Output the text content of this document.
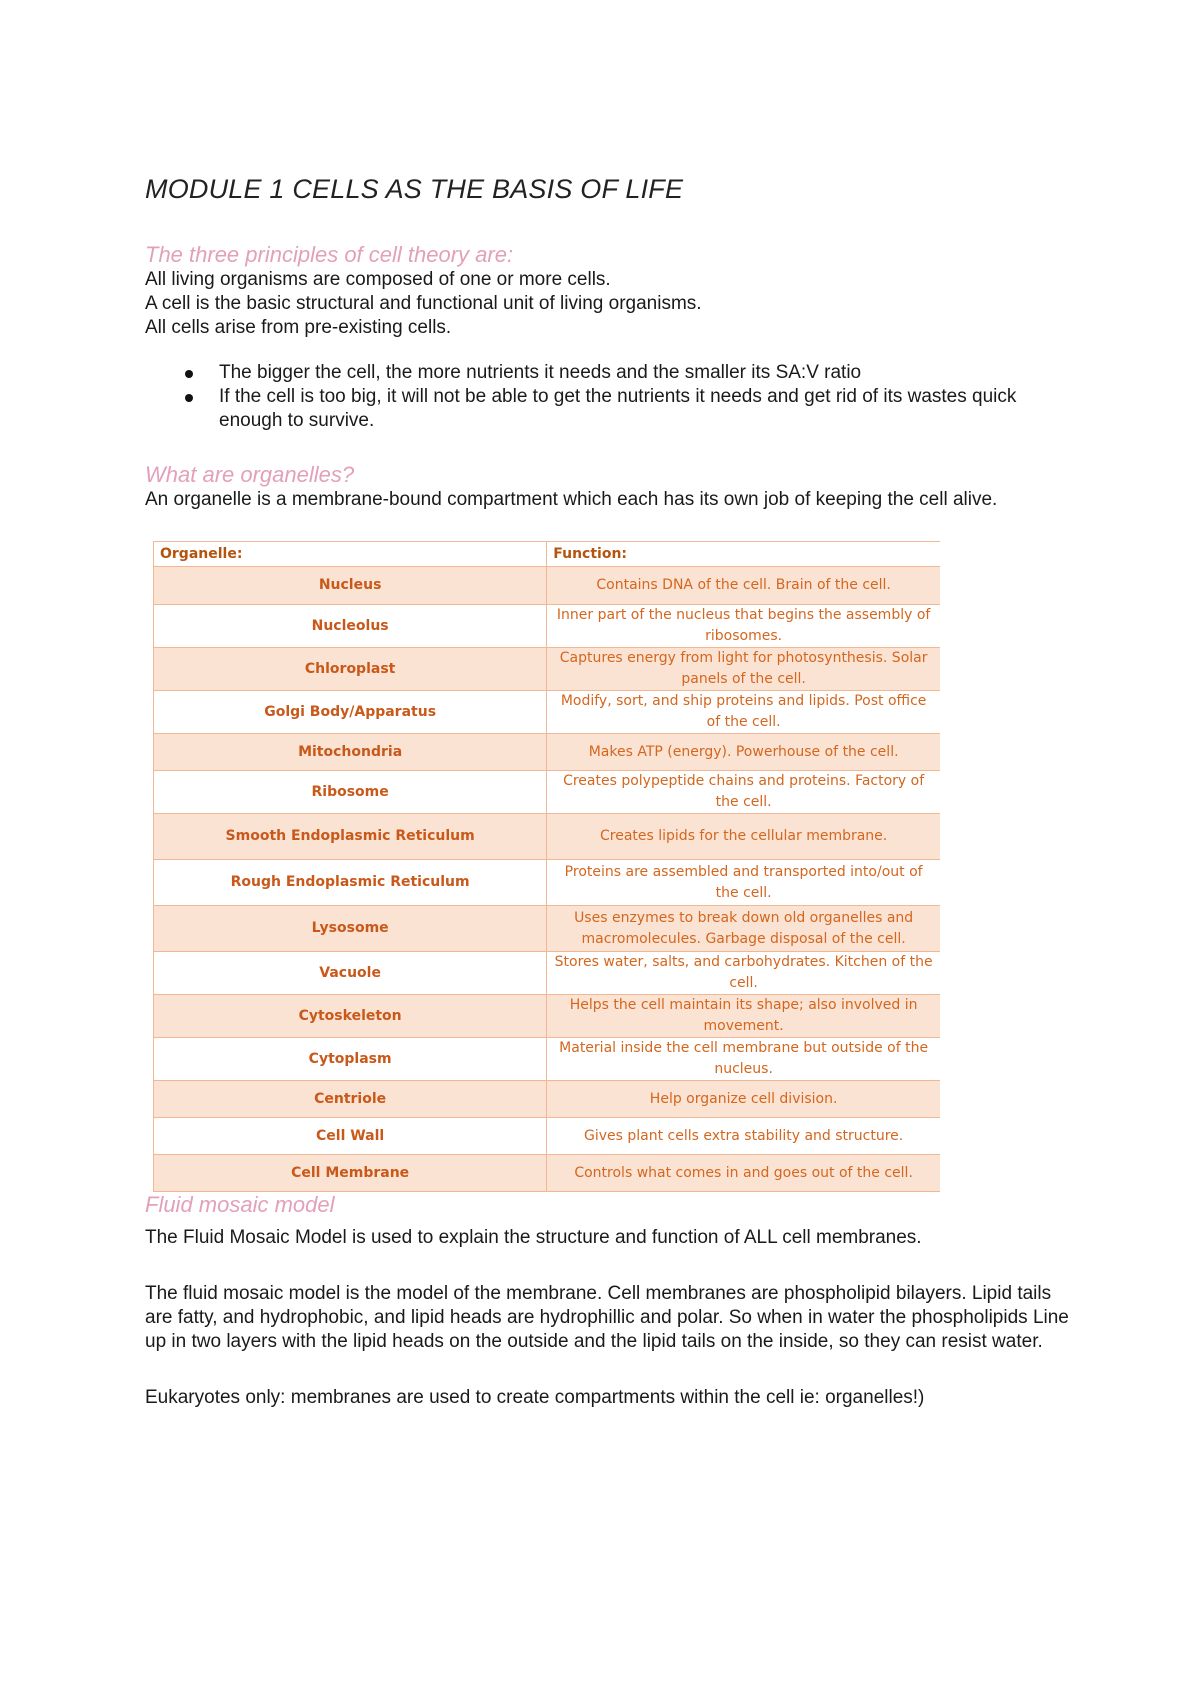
MODULE 1 CELLS AS THE BASIS OF LIFE
The three principles of cell theory are:

All living organisms are composed of one or more cells.

A cell is the basic structural and functional unit of living organisms.

All cells arise from pre-existing cells.

The bigger the cell, the more nutrients it needs and the smaller its SA:V ratio
If the cell is too big, it will not be able to get the nutrients it needs and get rid of its wastes quick enough to survive.
What are organelles?

An organelle is a membrane-bound compartment which each has its own job of keeping the cell alive.

Organelle:	Function:
Nucleus	Contains DNA of the cell. Brain of the cell.
Nucleolus	Inner part of the nucleus that begins the assembly of ribosomes.
Chloroplast	Captures energy from light for photosynthesis. Solar panels of the cell.
Golgi Body/Apparatus	Modify, sort, and ship proteins and lipids. Post office of the cell.
Mitochondria	Makes ATP (energy). Powerhouse of the cell.
Ribosome	Creates polypeptide chains and proteins. Factory of the cell.
Smooth Endoplasmic Reticulum	Creates lipids for the cellular membrane.
Rough Endoplasmic Reticulum	Proteins are assembled and transported into/out of the cell.
Lysosome	Uses enzymes to break down old organelles and macromolecules. Garbage disposal of the cell.
Vacuole	Stores water, salts, and carbohydrates. Kitchen of the cell.
Cytoskeleton	Helps the cell maintain its shape; also involved in movement.
Cytoplasm	Material inside the cell membrane but outside of the nucleus.
Centriole	Help organize cell division.
Cell Wall	Gives plant cells extra stability and structure.
Cell Membrane	Controls what comes in and goes out of the cell.
Fluid mosaic model

The Fluid Mosaic Model is used to explain the structure and function of ALL cell membranes.

The fluid mosaic model is the model of the membrane. Cell membranes are phospholipid bilayers. Lipid tails are fatty, and hydrophobic, and lipid heads are hydrophillic and polar. So when in water the phospholipids Line up in two layers with the lipid heads on the outside and the lipid tails on the inside, so they can resist water.

Eukaryotes only: membranes are used to create compartments within the cell ie: organelles!)
